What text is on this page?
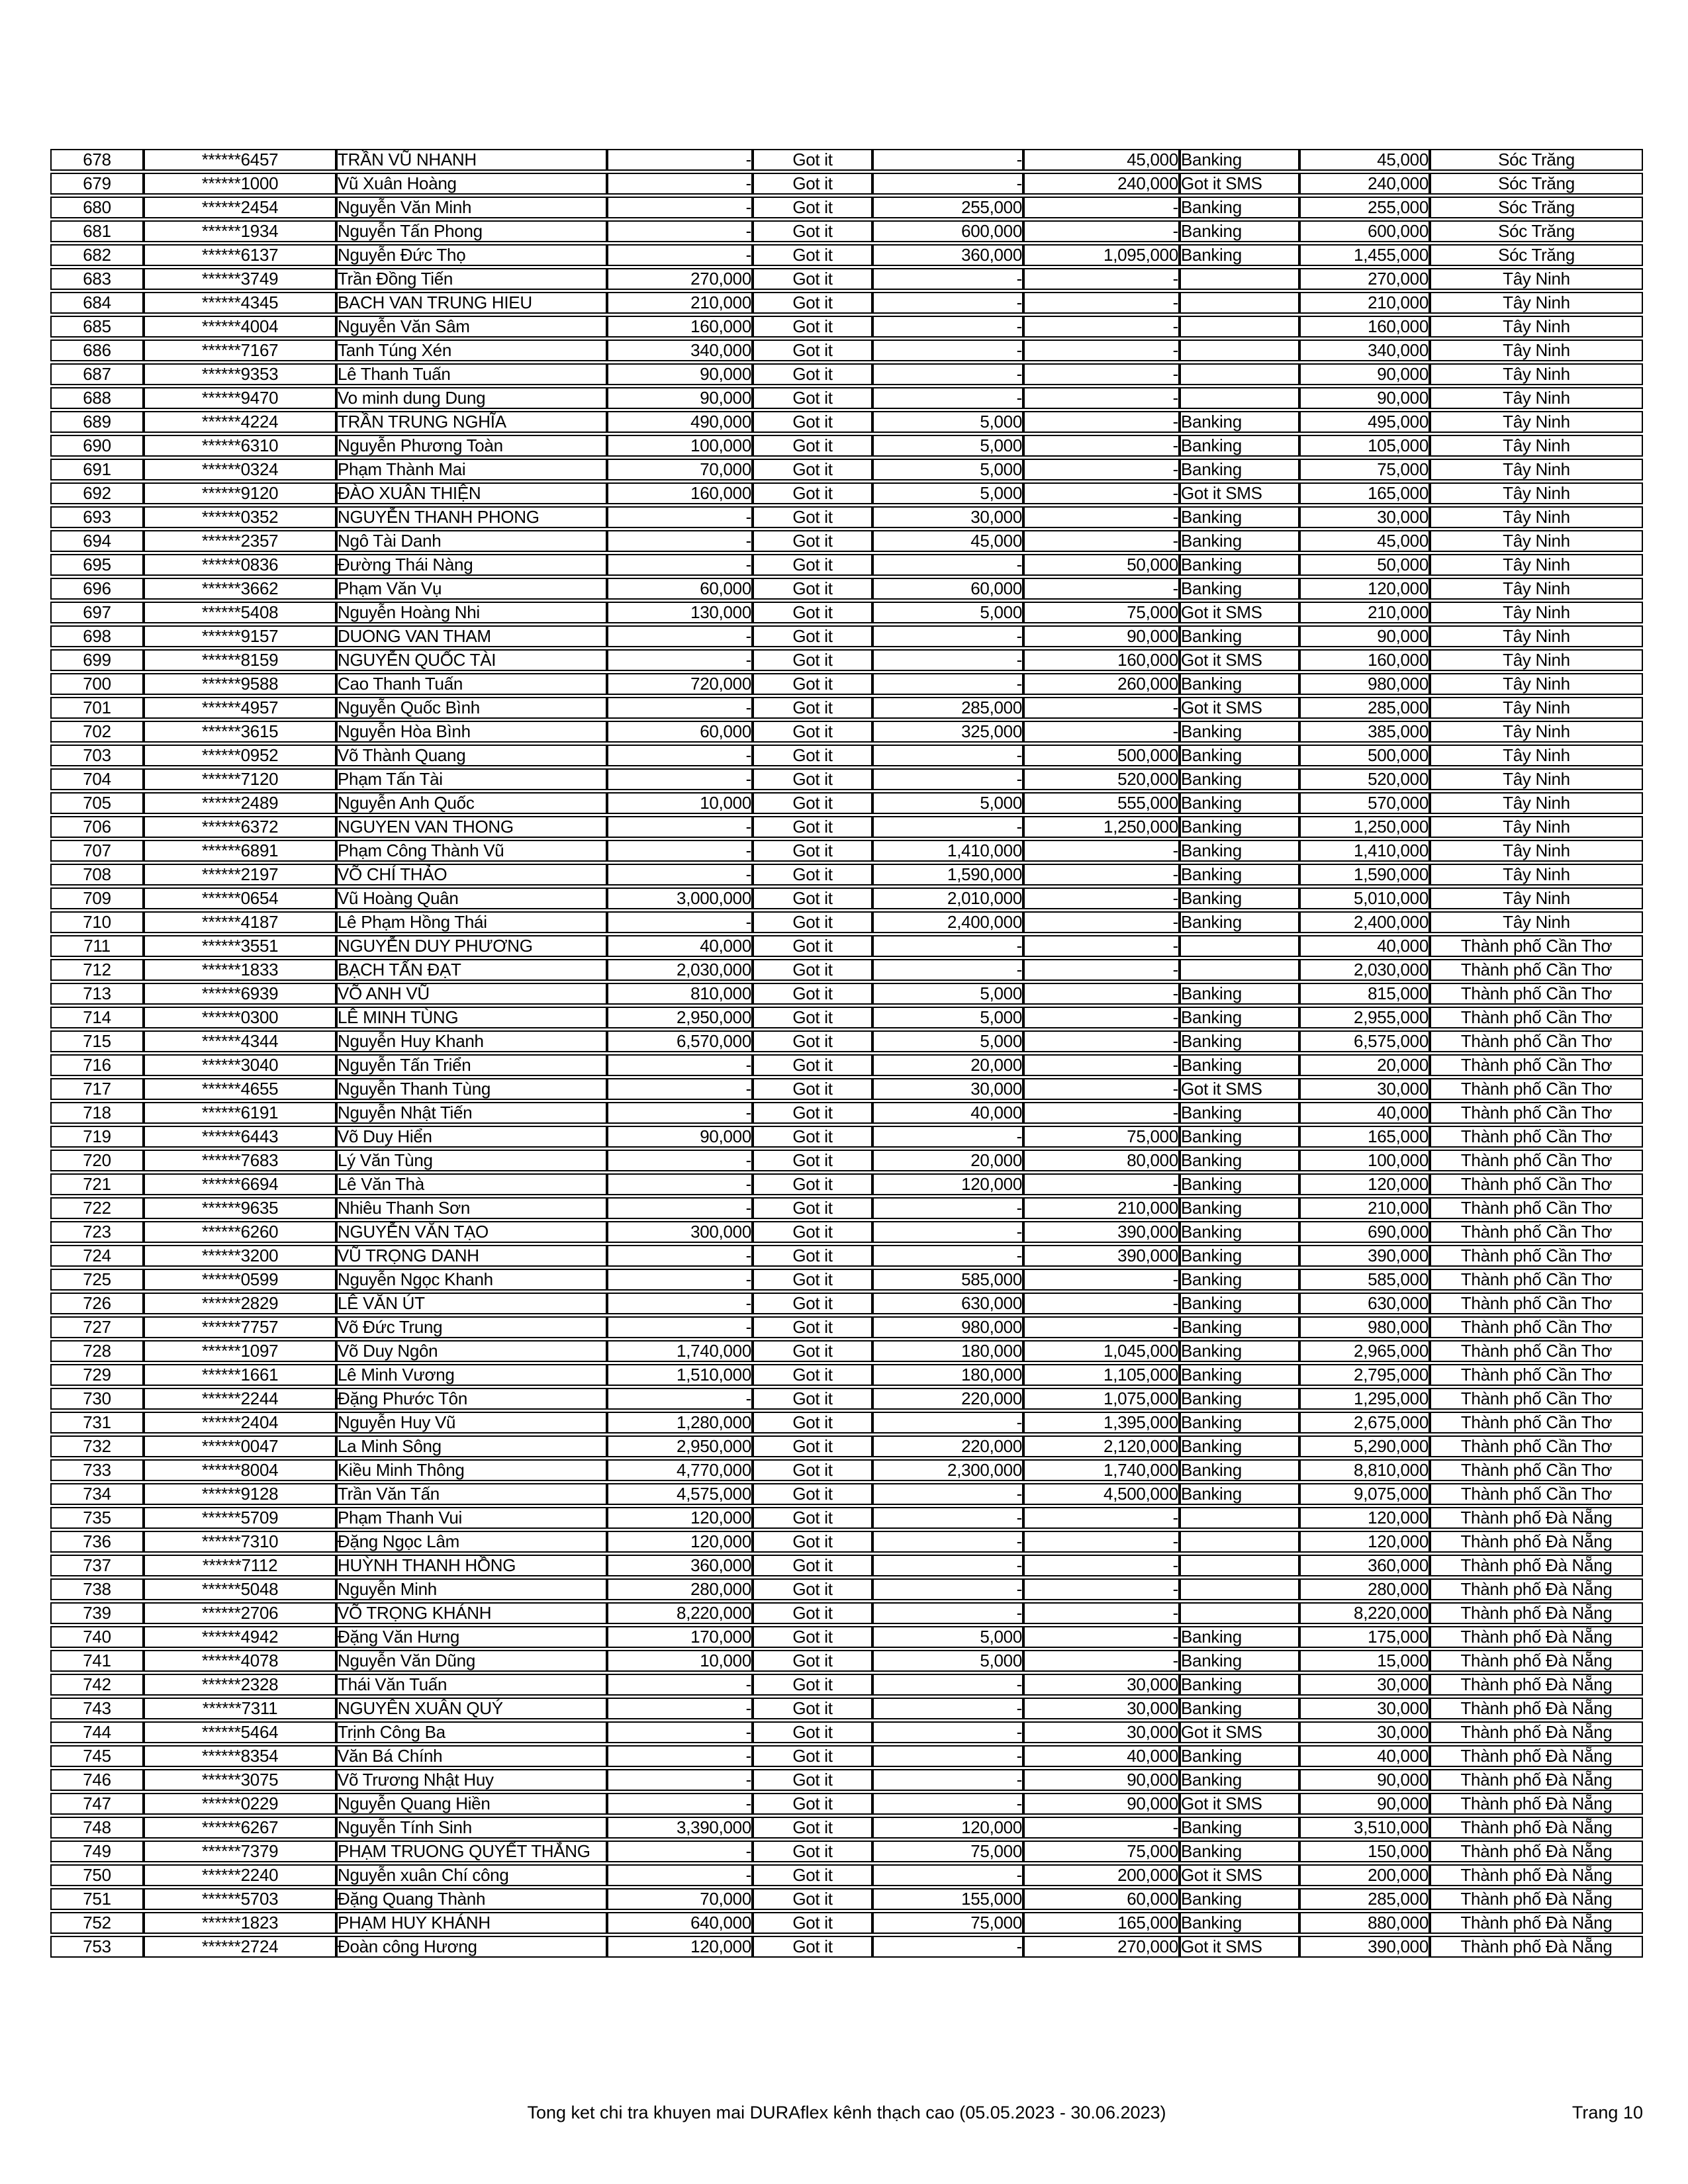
678	******6457	TRẦN VŨ NHANH	-	Got it	-	45,000	Banking	45,000	Sóc Trăng
679	******1000	Vũ Xuân Hoàng	-	Got it	-	240,000	Got it SMS	240,000	Sóc Trăng
680	******2454	Nguyễn Văn Minh	-	Got it	255,000	-	Banking	255,000	Sóc Trăng
681	******1934	Nguyễn Tấn Phong	-	Got it	600,000	-	Banking	600,000	Sóc Trăng
682	******6137	Nguyễn Đức Thọ	-	Got it	360,000	1,095,000	Banking	1,455,000	Sóc Trăng
683	******3749	Trần Đồng Tiến	270,000	Got it	-	-		270,000	Tây Ninh
684	******4345	BACH VAN TRUNG HIEU	210,000	Got it	-	-		210,000	Tây Ninh
685	******4004	Nguyễn Văn Sâm	160,000	Got it	-	-		160,000	Tây Ninh
686	******7167	Tanh Túng Xén	340,000	Got it	-	-		340,000	Tây Ninh
687	******9353	Lê Thanh Tuấn	90,000	Got it	-	-		90,000	Tây Ninh
688	******9470	Vo minh dung Dung	90,000	Got it	-	-		90,000	Tây Ninh
689	******4224	TRẦN TRUNG NGHĨA	490,000	Got it	5,000	-	Banking	495,000	Tây Ninh
690	******6310	Nguyễn Phương Toàn	100,000	Got it	5,000	-	Banking	105,000	Tây Ninh
691	******0324	Phạm Thành Mai	70,000	Got it	5,000	-	Banking	75,000	Tây Ninh
692	******9120	ĐÀO XUÂN THIỆN	160,000	Got it	5,000	-	Got it SMS	165,000	Tây Ninh
693	******0352	NGUYỄN THANH PHONG	-	Got it	30,000	-	Banking	30,000	Tây Ninh
694	******2357	Ngô Tài Danh	-	Got it	45,000	-	Banking	45,000	Tây Ninh
695	******0836	Đường Thái Nàng	-	Got it	-	50,000	Banking	50,000	Tây Ninh
696	******3662	Phạm Văn Vụ	60,000	Got it	60,000	-	Banking	120,000	Tây Ninh
697	******5408	Nguyễn Hoàng Nhi	130,000	Got it	5,000	75,000	Got it SMS	210,000	Tây Ninh
698	******9157	DUONG VAN THAM	-	Got it	-	90,000	Banking	90,000	Tây Ninh
699	******8159	NGUYỄN QUỐC TÀI	-	Got it	-	160,000	Got it SMS	160,000	Tây Ninh
700	******9588	Cao Thanh Tuấn	720,000	Got it	-	260,000	Banking	980,000	Tây Ninh
701	******4957	Nguyễn Quốc Bình	-	Got it	285,000	-	Got it SMS	285,000	Tây Ninh
702	******3615	Nguyễn Hòa Bình	60,000	Got it	325,000	-	Banking	385,000	Tây Ninh
703	******0952	Võ Thành Quang	-	Got it	-	500,000	Banking	500,000	Tây Ninh
704	******7120	Phạm Tấn Tài	-	Got it	-	520,000	Banking	520,000	Tây Ninh
705	******2489	Nguyễn Anh Quốc	10,000	Got it	5,000	555,000	Banking	570,000	Tây Ninh
706	******6372	NGUYEN VAN THONG	-	Got it	-	1,250,000	Banking	1,250,000	Tây Ninh
707	******6891	Phạm Công Thành Vũ	-	Got it	1,410,000	-	Banking	1,410,000	Tây Ninh
708	******2197	VÕ CHÍ THẢO	-	Got it	1,590,000	-	Banking	1,590,000	Tây Ninh
709	******0654	Vũ Hoàng Quân	3,000,000	Got it	2,010,000	-	Banking	5,010,000	Tây Ninh
710	******4187	Lê Phạm Hồng Thái	-	Got it	2,400,000	-	Banking	2,400,000	Tây Ninh
711	******3551	NGUYỄN DUY PHƯƠNG	40,000	Got it	-	-		40,000	Thành phố Cần Thơ
712	******1833	BẠCH TẤN ĐẠT	2,030,000	Got it	-	-		2,030,000	Thành phố Cần Thơ
713	******6939	VÕ ANH VŨ	810,000	Got it	5,000	-	Banking	815,000	Thành phố Cần Thơ
714	******0300	LÊ MINH TÙNG	2,950,000	Got it	5,000	-	Banking	2,955,000	Thành phố Cần Thơ
715	******4344	Nguyễn Huy Khanh	6,570,000	Got it	5,000	-	Banking	6,575,000	Thành phố Cần Thơ
716	******3040	Nguyễn Tấn Triển	-	Got it	20,000	-	Banking	20,000	Thành phố Cần Thơ
717	******4655	Nguyễn Thanh Tùng	-	Got it	30,000	-	Got it SMS	30,000	Thành phố Cần Thơ
718	******6191	Nguyễn Nhật Tiến	-	Got it	40,000	-	Banking	40,000	Thành phố Cần Thơ
719	******6443	Võ Duy Hiển	90,000	Got it	-	75,000	Banking	165,000	Thành phố Cần Thơ
720	******7683	Lý Văn Tùng	-	Got it	20,000	80,000	Banking	100,000	Thành phố Cần Thơ
721	******6694	Lê Văn Thà	-	Got it	120,000	-	Banking	120,000	Thành phố Cần Thơ
722	******9635	Nhiêu Thanh Sơn	-	Got it	-	210,000	Banking	210,000	Thành phố Cần Thơ
723	******6260	NGUYỄN VĂN TẠO	300,000	Got it	-	390,000	Banking	690,000	Thành phố Cần Thơ
724	******3200	VŨ TRỌNG DANH	-	Got it	-	390,000	Banking	390,000	Thành phố Cần Thơ
725	******0599	Nguyễn Ngọc Khanh	-	Got it	585,000	-	Banking	585,000	Thành phố Cần Thơ
726	******2829	LÊ VĂN ÚT	-	Got it	630,000	-	Banking	630,000	Thành phố Cần Thơ
727	******7757	Võ Đức Trung	-	Got it	980,000	-	Banking	980,000	Thành phố Cần Thơ
728	******1097	Võ Duy Ngôn	1,740,000	Got it	180,000	1,045,000	Banking	2,965,000	Thành phố Cần Thơ
729	******1661	Lê Minh Vương	1,510,000	Got it	180,000	1,105,000	Banking	2,795,000	Thành phố Cần Thơ
730	******2244	Đặng Phước Tôn	-	Got it	220,000	1,075,000	Banking	1,295,000	Thành phố Cần Thơ
731	******2404	Nguyễn Huy Vũ	1,280,000	Got it	-	1,395,000	Banking	2,675,000	Thành phố Cần Thơ
732	******0047	La Minh Sông	2,950,000	Got it	220,000	2,120,000	Banking	5,290,000	Thành phố Cần Thơ
733	******8004	Kiều Minh Thông	4,770,000	Got it	2,300,000	1,740,000	Banking	8,810,000	Thành phố Cần Thơ
734	******9128	Trần Văn Tấn	4,575,000	Got it	-	4,500,000	Banking	9,075,000	Thành phố Cần Thơ
735	******5709	Phạm Thanh Vui	120,000	Got it	-	-		120,000	Thành phố Đà Nẵng
736	******7310	Đặng Ngọc Lâm	120,000	Got it	-	-		120,000	Thành phố Đà Nẵng
737	******7112	HUỲNH THANH HỒNG	360,000	Got it	-	-		360,000	Thành phố Đà Nẵng
738	******5048	Nguyễn Minh	280,000	Got it	-	-		280,000	Thành phố Đà Nẵng
739	******2706	VÕ TRỌNG KHÁNH	8,220,000	Got it	-	-		8,220,000	Thành phố Đà Nẵng
740	******4942	Đặng Văn Hưng	170,000	Got it	5,000	-	Banking	175,000	Thành phố Đà Nẵng
741	******4078	Nguyễn Văn Dũng	10,000	Got it	5,000	-	Banking	15,000	Thành phố Đà Nẵng
742	******2328	Thái Văn Tuấn	-	Got it	-	30,000	Banking	30,000	Thành phố Đà Nẵng
743	******7311	NGUYÊN XUÂN QUÝ	-	Got it	-	30,000	Banking	30,000	Thành phố Đà Nẵng
744	******5464	Trịnh Công Ba	-	Got it	-	30,000	Got it SMS	30,000	Thành phố Đà Nẵng
745	******8354	Văn Bá Chính	-	Got it	-	40,000	Banking	40,000	Thành phố Đà Nẵng
746	******3075	Võ Trương Nhật Huy	-	Got it	-	90,000	Banking	90,000	Thành phố Đà Nẵng
747	******0229	Nguyễn Quang Hiền	-	Got it	-	90,000	Got it SMS	90,000	Thành phố Đà Nẵng
748	******6267	Nguyễn Tính Sinh	3,390,000	Got it	120,000	-	Banking	3,510,000	Thành phố Đà Nẵng
749	******7379	PHẠM TRUONG QUYẾT THẮNG	-	Got it	75,000	75,000	Banking	150,000	Thành phố Đà Nẵng
750	******2240	Nguyễn xuân Chí công	-	Got it	-	200,000	Got it SMS	200,000	Thành phố Đà Nẵng
751	******5703	Đặng Quang Thành	70,000	Got it	155,000	60,000	Banking	285,000	Thành phố Đà Nẵng
752	******1823	PHẠM HUY KHÁNH	640,000	Got it	75,000	165,000	Banking	880,000	Thành phố Đà Nẵng
753	******2724	Đoàn công Hương	120,000	Got it	-	270,000	Got it SMS	390,000	Thành phố Đà Nẵng
Tong ket chi tra khuyen mai DURAflex kênh thạch cao (05.05.2023 - 30.06.2023)	Trang 10
